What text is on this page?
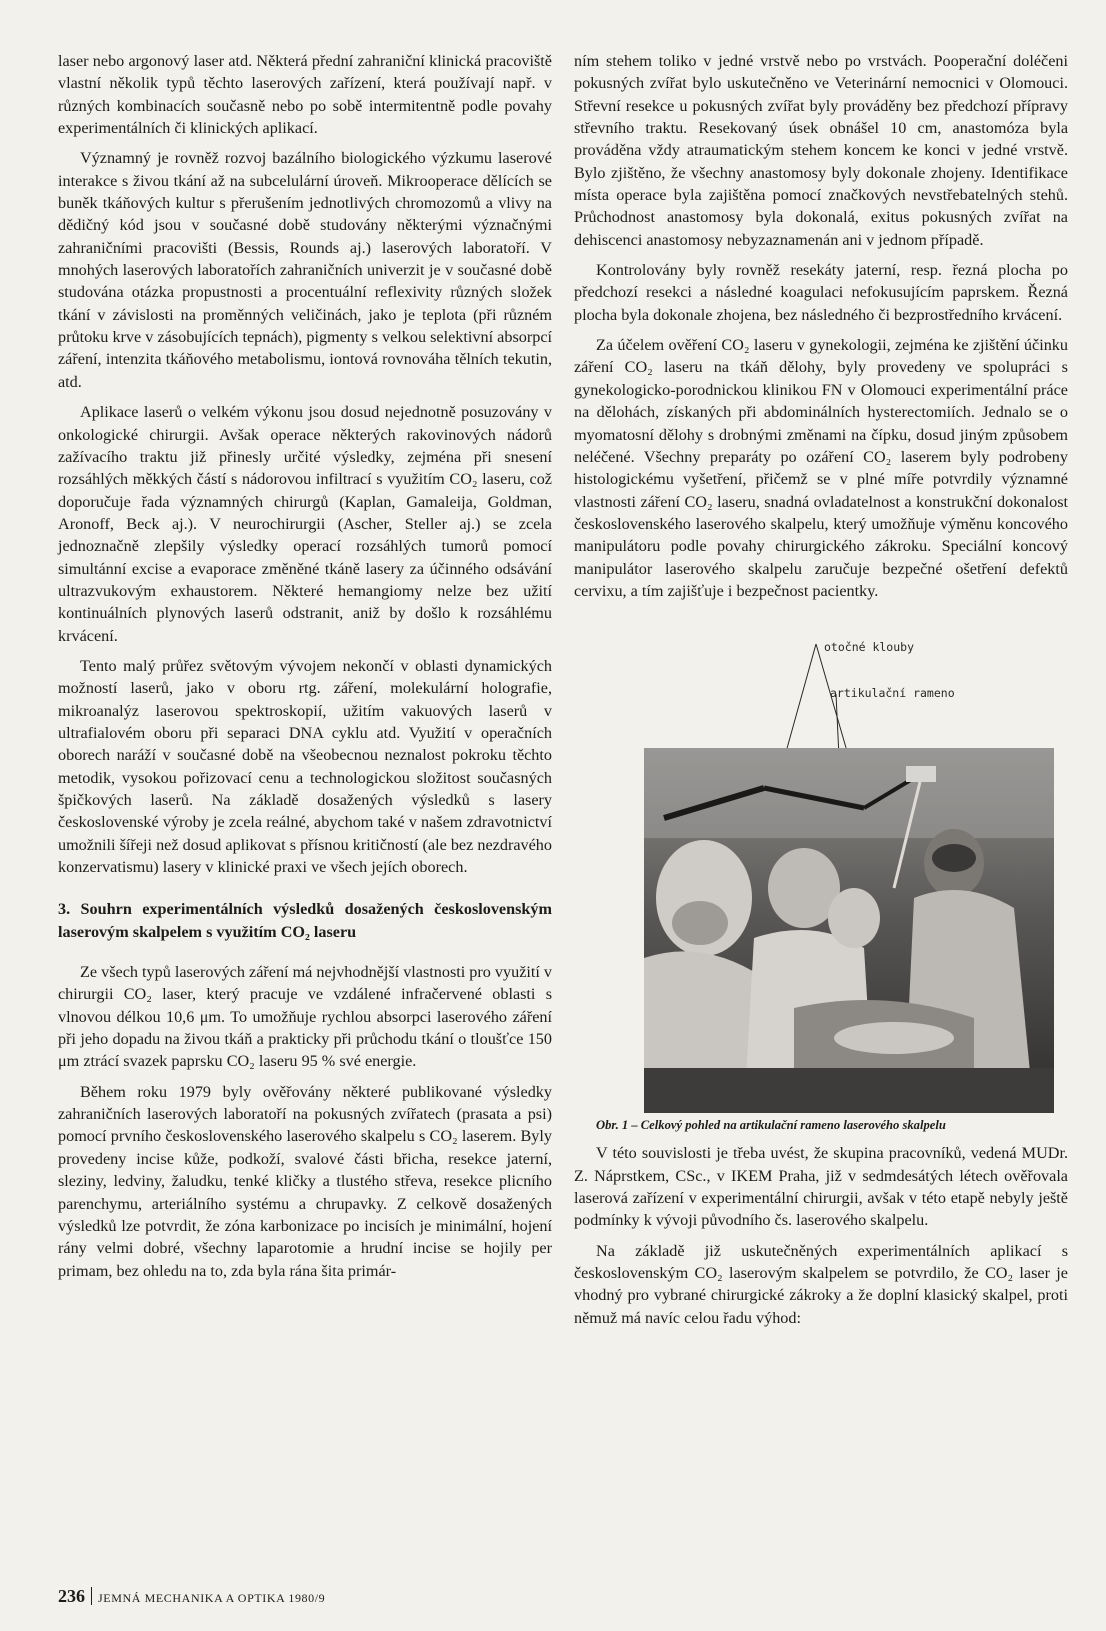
laser nebo argonový laser atd. Některá přední zahraniční klinická pracoviště vlastní několik typů těchto laserových zařízení, která používají např. v různých kombinacích současně nebo po sobě intermitentně podle povahy experimentálních či klinických aplikací.

Významný je rovněž rozvoj bazálního biologického výzkumu laserové interakce s živou tkání až na subcelulární úroveň. Mikrooperace dělících se buněk tkáňových kultur s přerušením jednotlivých chromozomů a vlivy na dědičný kód jsou v současné době studovány některými význačnými zahraničními pracovišti (Bessis, Rounds aj.) laserových laboratoří. V mnohých laserových laboratořích zahraničních univerzit je v současné době studována otázka propustnosti a procentuální reflexivity různých složek tkání v závislosti na proměnných veličinách, jako je teplota (při různém průtoku krve v zásobujících tepnách), pigmenty s velkou selektivní absorpcí záření, intenzita tkáňového metabolismu, iontová rovnováha tělních tekutin, atd.

Aplikace laserů o velkém výkonu jsou dosud nejednotně posuzovány v onkologické chirurgii. Avšak operace některých rakovinových nádorů zažívacího traktu již přinesly určité výsledky, zejména při snesení rozsáhlých měkkých částí s nádorovou infiltrací s využitím CO₂ laseru, což doporučuje řada významných chirurgů (Kaplan, Gamaleija, Goldman, Aronoff, Beck aj.). V neurochirurgii (Ascher, Steller aj.) se zcela jednoznačně zlepšily výsledky operací rozsáhlých tumorů pomocí simultánní excise a evaporace změněné tkáně lasery za účinného odsávání ultrazvukovým exhaustorem. Některé hemangiomy nelze bez užití kontinuálních plynových laserů odstranit, aniž by došlo k rozsáhlému krvácení.

Tento malý průřez světovým vývojem nekončí v oblasti dynamických možností laserů, jako v oboru rtg. záření, molekulární holografie, mikroanalýz laserovou spektroskopií, užitím vakuových laserů v ultrafialovém oboru při separaci DNA cyklu atd. Využití v operačních oborech naráží v současné době na všeobecnou neznalost pokroku těchto metodik, vysokou pořizovací cenu a technologickou složitost současných špičkových laserů. Na základě dosažených výsledků s lasery československé výroby je zcela reálné, abychom také v našem zdravotnictví umožnili šířeji než dosud aplikovat s přísnou kritičností (ale bez nezdravého konzervatismu) lasery v klinické praxi ve všech jejích oborech.

3. Souhrn experimentálních výsledků dosažených československým laserovým skalpelem s využitím CO₂ laseru

Ze všech typů laserových záření má nejvhodnější vlastnosti pro využití v chirurgii CO₂ laser, který pracuje ve vzdálené infračervené oblasti s vlnovou délkou 10,6 μm. To umožňuje rychlou absorpci laserového záření při jeho dopadu na živou tkáň a prakticky při průchodu tkání o tloušťce 150 μm ztrácí svazek paprsku CO₂ laseru 95 % své energie.

Během roku 1979 byly ověřovány některé publikované výsledky zahraničních laserových laboratoří na pokusných zvířatech (prasata a psi) pomocí prvního československého laserového skalpelu s CO₂ laserem. Byly provedeny incise kůže, podkoží, svalové části břicha, resekce jaterní, sleziny, ledviny, žaludku, tenké kličky a tlustého střeva, resekce plicního parenchymu, arteriálního systému a chrupavky. Z celkově dosažených výsledků lze potvrdit, že zóna karbonizace po incisích je minimální, hojení rány velmi dobré, všechny laparotomie a hrudní incise se hojily per primam, bez ohledu na to, zda byla rána šita primár-

ním stehem toliko v jedné vrstvě nebo po vrstvách. Pooperační doléčeni pokusných zvířat bylo uskutečněno ve Veterinární nemocnici v Olomouci. Střevní resekce u pokusných zvířat byly prováděny bez předchozí přípravy střevního traktu. Resekovaný úsek obnášel 10 cm, anastomóza byla prováděna vždy atraumatickým stehem koncem ke konci v jedné vrstvě. Bylo zjištěno, že všechny anastomosy byly dokonale zhojeny. Identifikace místa operace byla zajištěna pomocí značkových nevstřebatelných stehů. Průchodnost anastomosy byla dokonalá, exitus pokusných zvířat na dehiscenci anastomosy nebyzaznamenán ani v jednom případě.

Kontrolovány byly rovněž resekáty jaterní, resp. řezná plocha po předchozí resekci a následné koagulaci nefokusujícím paprskem. Řezná plocha byla dokonale zhojena, bez následného či bezprostředního krvácení.

Za účelem ověření CO₂ laseru v gynekologii, zejména ke zjištění účinku záření CO₂ laseru na tkáň dělohy, byly provedeny ve spolupráci s gynekologicko-porodnickou klinikou FN v Olomouci experimentální práce na dělohách, získaných při abdominálních hysterectomiích. Jednalo se o myomatosní dělohy s drobnými změnami na čípku, dosud jiným způsobem neléčené. Všechny preparáty po ozáření CO₂ laserem byly podrobeny histologickému vyšetření, přičemž se v plné míře potvrdily významné vlastnosti záření CO₂ laseru, snadná ovladatelnost a konstrukční dokonalost československého laserového skalpelu, který umožňuje výměnu koncového manipulátoru podle povahy chirurgického zákroku. Speciální koncový manipulátor laserového skalpelu zaručuje bezpečné ošetření defektů cervixu, a tím zajišťuje i bezpečnost pacientky.

otočné klouby
artikulační rameno

Obr. 1 – Celkový pohled na artikulační rameno laserového skalpelu

V této souvislosti je třeba uvést, že skupina pracovníků, vedená MUDr. Z. Náprstkem, CSc., v IKEM Praha, již v sedmdesátých létech ověřovala laserová zařízení v experimentální chirurgii, avšak v této etapě nebyly ještě podmínky k vývoji původního čs. laserového skalpelu.

Na základě již uskutečněných experimentálních aplikací s československým CO₂ laserovým skalpelem se potvrdilo, že CO₂ laser je vhodný pro vybrané chirurgické zákroky a že doplní klasický skalpel, proti němuž má navíc celou řadu výhod:

236 JEMNÁ MECHANIKA A OPTIKA 1980/9
